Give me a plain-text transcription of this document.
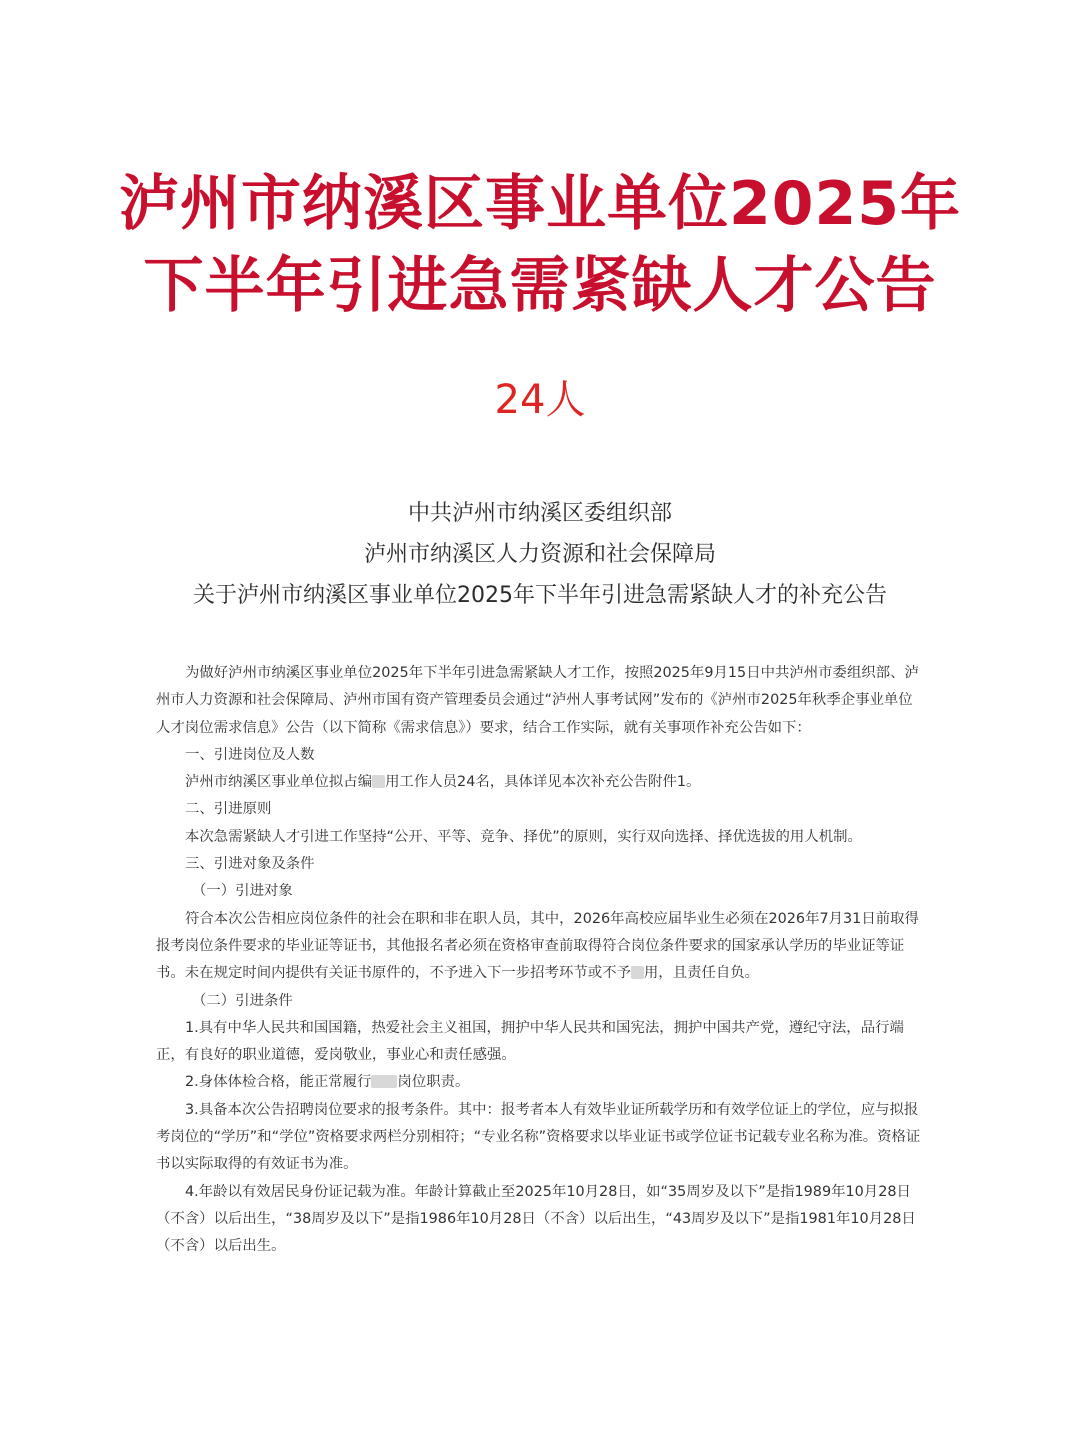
泸州市纳溪区事业单位2025年
下半年引进急需紧缺人才公告
24人
中共泸州市纳溪区委组织部
泸州市纳溪区人力资源和社会保障局
关于泸州市纳溪区事业单位2025年下半年引进急需紧缺人才的补充公告

为做好泸州市纳溪区事业单位2025年下半年引进急需紧缺人才工作，按照2025年9月15日中共泸州市委组织部、泸州市人力资源和社会保障局、泸州市国有资产管理委员会通过“泸州人事考试网”发布的《泸州市2025年秋季企事业单位人才岗位需求信息》公告（以下简称《需求信息》）要求，结合工作实际，就有关事项作补充公告如下：

一、引进岗位及人数

泸州市纳溪区事业单位拟占编 用工作人员24名，具体详见本次补充公告附件1。

二、引进原则

本次急需紧缺人才引进工作坚持“公开、平等、竞争、择优”的原则，实行双向选择、择优选拔的用人机制。

三、引进对象及条件

（一）引进对象

符合本次公告相应岗位条件的社会在职和非在职人员，其中，2026年高校应届毕业生必须在2026年7月31日前取得报考岗位条件要求的毕业证等证书，其他报名者必须在资格审查前取得符合岗位条件要求的国家承认学历的毕业证等证书。未在规定时间内提供有关证书原件的，不予进入下一步招考环节或不予 用，且责任自负。

（二）引进条件

1.具有中华人民共和国国籍，热爱社会主义祖国，拥护中华人民共和国宪法，拥护中国共产党，遵纪守法，品行端正，有良好的职业道德，爱岗敬业，事业心和责任感强。

2.身体体检合格，能正常履行 岗位职责。

3.具备本次公告招聘岗位要求的报考条件。其中：报考者本人有效毕业证所载学历和有效学位证上的学位，应与拟报考岗位的“学历”和“学位”资格要求两栏分别相符；“专业名称”资格要求以毕业证书或学位证书记载专业名称为准。资格证书以实际取得的有效证书为准。

4.年龄以有效居民身份证记载为准。年龄计算截止至2025年10月28日，如“35周岁及以下”是指1989年10月28日（不含）以后出生，“38周岁及以下”是指1986年10月28日（不含）以后出生，“43周岁及以下”是指1981年10月28日（不含）以后出生。
